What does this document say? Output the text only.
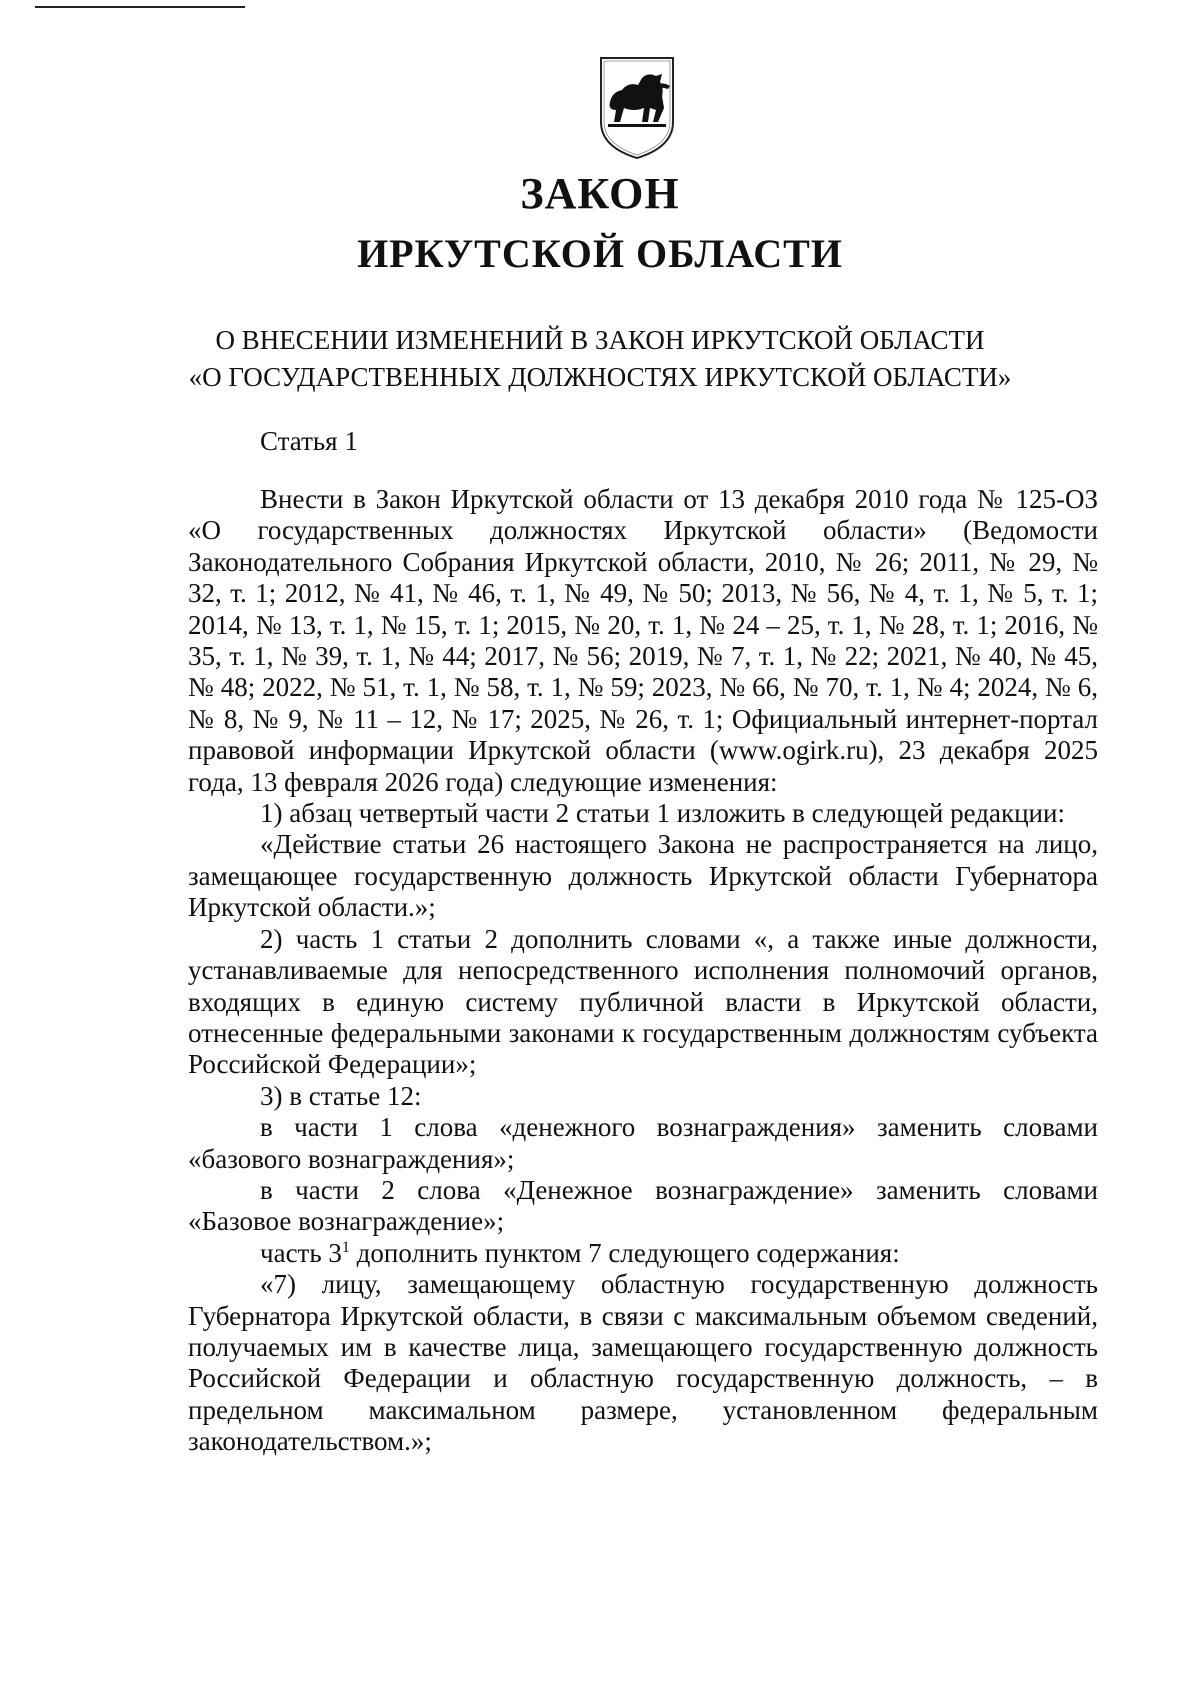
ЗАКОН
ИРКУТСКОЙ ОБЛАСТИ
О ВНЕСЕНИИ ИЗМЕНЕНИЙ В ЗАКОН ИРКУТСКОЙ ОБЛАСТИ
«О ГОСУДАРСТВЕННЫХ ДОЛЖНОСТЯХ ИРКУТСКОЙ ОБЛАСТИ»
Статья 1

Внести в Закон Иркутской области от 13 декабря 2010 года № 125-ОЗ «О государственных должностях Иркутской области» (Ведомости Законодательного Собрания Иркутской области, 2010, № 26; 2011, № 29, № 32, т. 1; 2012, № 41, № 46, т. 1, № 49, № 50; 2013, № 56, № 4, т. 1, № 5, т. 1; 2014, № 13, т. 1, № 15, т. 1; 2015, № 20, т. 1, № 24 – 25, т. 1, № 28, т. 1; 2016, № 35, т. 1, № 39, т. 1, № 44; 2017, № 56; 2019, № 7, т. 1, № 22; 2021, № 40, № 45, № 48; 2022, № 51, т. 1, № 58, т. 1, № 59; 2023, № 66, № 70, т. 1, № 4; 2024, № 6, № 8, № 9, № 11 – 12, № 17; 2025, № 26, т. 1; Официальный интернет-портал правовой информации Иркутской области (www.ogirk.ru), 23 декабря 2025 года, 13 февраля 2026 года) следующие изменения:

1) абзац четвертый части 2 статьи 1 изложить в следующей редакции:

«Действие статьи 26 настоящего Закона не распространяется на лицо, замещающее государственную должность Иркутской области Губернатора Иркутской области.»;

2) часть 1 статьи 2 дополнить словами «, а также иные должности, устанавливаемые для непосредственного исполнения полномочий органов, входящих в единую систему публичной власти в Иркутской области, отнесенные федеральными законами к государственным должностям субъекта Российской Федерации»;

3) в статье 12:

в части 1 слова «денежного вознаграждения» заменить словами «базового вознаграждения»;

в части 2 слова «Денежное вознаграждение» заменить словами «Базовое вознаграждение»;

часть $3^1$ дополнить пунктом 7 следующего содержания:

«7) лицу, замещающему областную государственную должность Губернатора Иркутской области, в связи с максимальным объемом сведений, получаемых им в качестве лица, замещающего государственную должность Российской Федерации и областную государственную должность, – в предельном максимальном размере, установленном федеральным законодательством.»;
